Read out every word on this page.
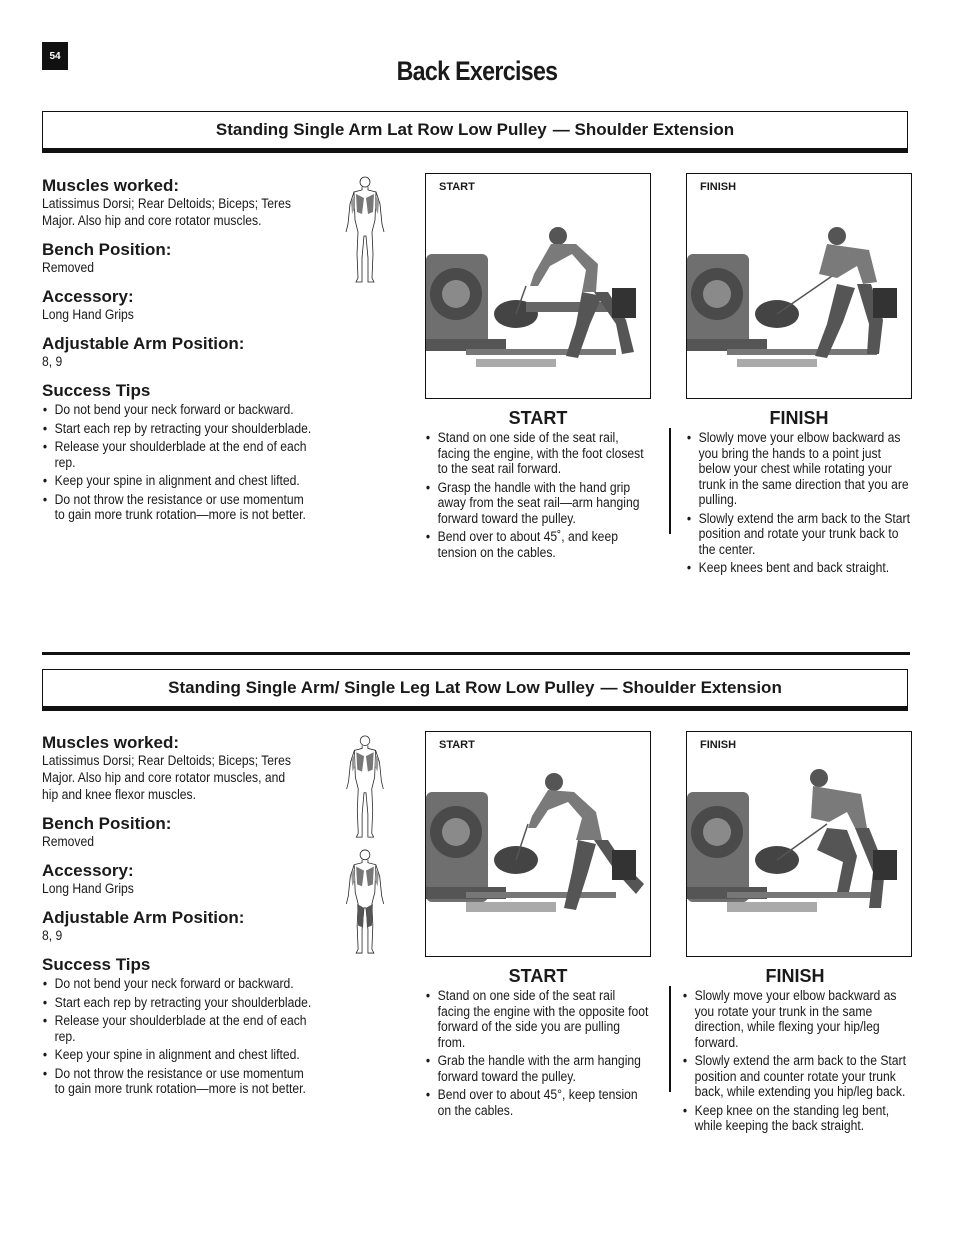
54	Back Exercises
Standing Single Arm Lat Row Low Pulley — Shoulder Extension
Muscles worked:
Latissimus Dorsi; Rear Deltoids; Biceps; Teres Major. Also hip and core rotator muscles.
Bench Position:
Removed
Accessory:
Long Hand Grips
Adjustable Arm Position:
8, 9
Success Tips
• Do not bend your neck forward or backward.
• Start each rep by retracting your shoulderblade.
• Release your shoulderblade at the end of each rep.
• Keep your spine in alignment and chest lifted.
• Do not throw the resistance or use momentum to gain more trunk rotation—more is not better.
START	FINISH
START
• Stand on one side of the seat rail, facing the engine, with the foot closest to the seat rail forward.
• Grasp the handle with the hand grip away from the seat rail—arm hanging forward toward the pulley.
• Bend over to about 45˚, and keep tension on the cables.
FINISH
• Slowly move your elbow backward as you bring the hands to a point just below your chest while rotating your trunk in the same direction that you are pulling.
• Slowly extend the arm back to the Start position and rotate your trunk back to the center.
• Keep knees bent and back straight.
Standing Single Arm/ Single Leg Lat Row Low Pulley — Shoulder Extension
Muscles worked:
Latissimus Dorsi; Rear Deltoids; Biceps; Teres Major. Also hip and core rotator muscles, and hip and knee flexor muscles.
Bench Position:
Removed
Accessory:
Long Hand Grips
Adjustable Arm Position:
8, 9
Success Tips
• Do not bend your neck forward or backward.
• Start each rep by retracting your shoulderblade.
• Release your shoulderblade at the end of each rep.
• Keep your spine in alignment and chest lifted.
• Do not throw the resistance or use momentum to gain more trunk rotation—more is not better.
START	FINISH
START
• Stand on one side of the seat rail facing the engine with the opposite foot forward of the side you are pulling from.
• Grab the handle with the arm hanging forward toward the pulley.
• Bend over to about 45°, keep tension on the cables.
FINISH
• Slowly move your elbow backward as you rotate your trunk in the same direction, while flexing your hip/leg forward.
• Slowly extend the arm back to the Start position and counter rotate your trunk back, while extending you hip/leg back.
• Keep knee on the standing leg bent, while keeping the back straight.
